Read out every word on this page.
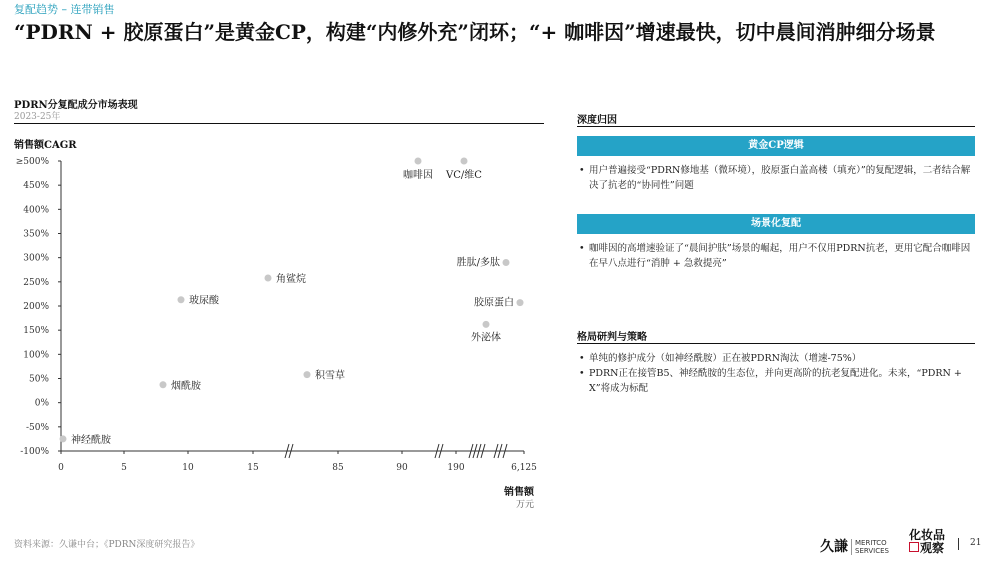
复配趋势 – 连带销售
“PDRN + 胶原蛋白”是黄金CP，构建“内修外充”闭环；“+ 咖啡因”增速最快，切中晨间消肿细分场景
PDRN分复配成分市场表现
2023-25年
销售额CAGR
≥500%
450%
400%
350%
300%
250%
200%
150%
100%
50%
0%
-50%
-100%
0	5	10	15	85	90	190	6,125
神经酰胺
烟酰胺
玻尿酸
角鲨烷
积雪草
咖啡因 VC/维C
胜肽/多肽
胶原蛋白
外泌体
销售额
万元
深度归因
黄金CP逻辑
• 用户普遍接受“PDRN修地基（微环境），胶原蛋白盖高楼（填充）”的复配逻辑，二者结合解决了抗老的“协同性”问题
场景化复配
• 咖啡因的高增速验证了“晨间护肤”场景的崛起，用户不仅用PDRN抗老，更用它配合咖啡因在早八点进行“消肿 + 急救提亮”
格局研判与策略
• 单纯的修护成分（如神经酰胺）正在被PDRN淘汰（增速-75%）
• PDRN正在接管B5、神经酰胺的生态位，并向更高阶的抗老复配进化。未来，“PDRN + X”将成为标配
资料来源：久谦中台；《PDRN深度研究报告》	久謙 MERITCO
SERVICES
化妆品
观察	21
